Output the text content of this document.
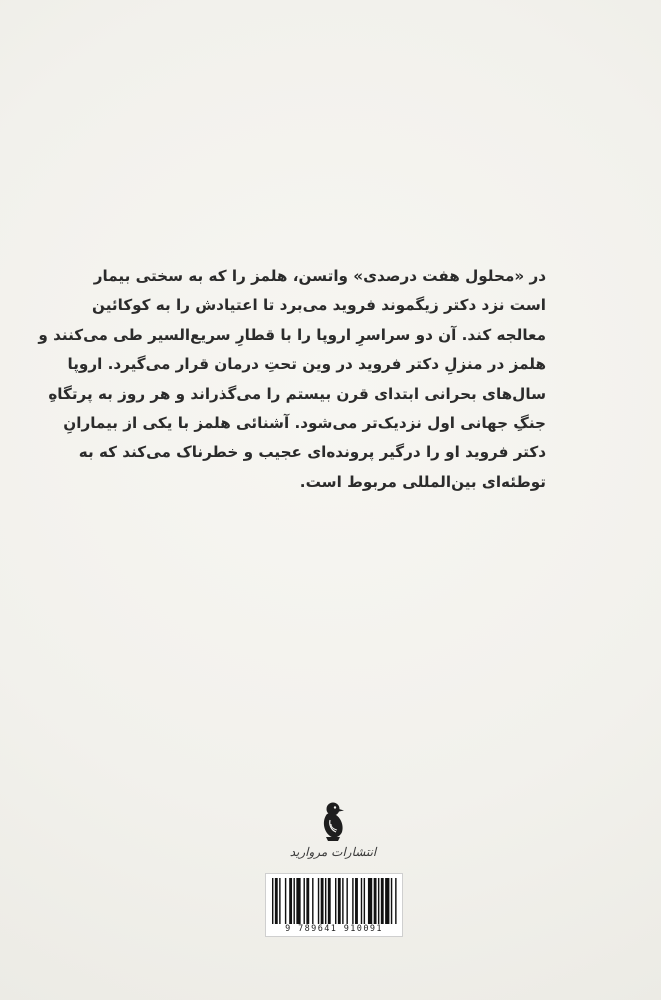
در «محلول هفت درصدی» واتسن، هلمز را که به سختی بیمار
است نزد دکتر زیگموند فروید می‌برد تا اعتیادش را به کوکائین
معالجه کند. آن دو سراسرِ اروپا را با قطارِ سریع‌السیر طی می‌کنند و
هلمز در منزلِ دکتر فروید در وین تحتِ درمان قرار می‌گیرد. اروپا
سال‌های بحرانی ابتدای قرن بیستم را می‌گذراند و هر روز به پرتگاهِ
جنگِ جهانی اول نزدیک‌تر می‌شود. آشنائی هلمز با یکی از بیمارانِ
دکتر فروید او را درگیر پرونده‌ای عجیب و خطرناک می‌کند که به
توطئه‌ای بین‌المللی مربوط است.
انتشارات مروارید
9 789641 910091
